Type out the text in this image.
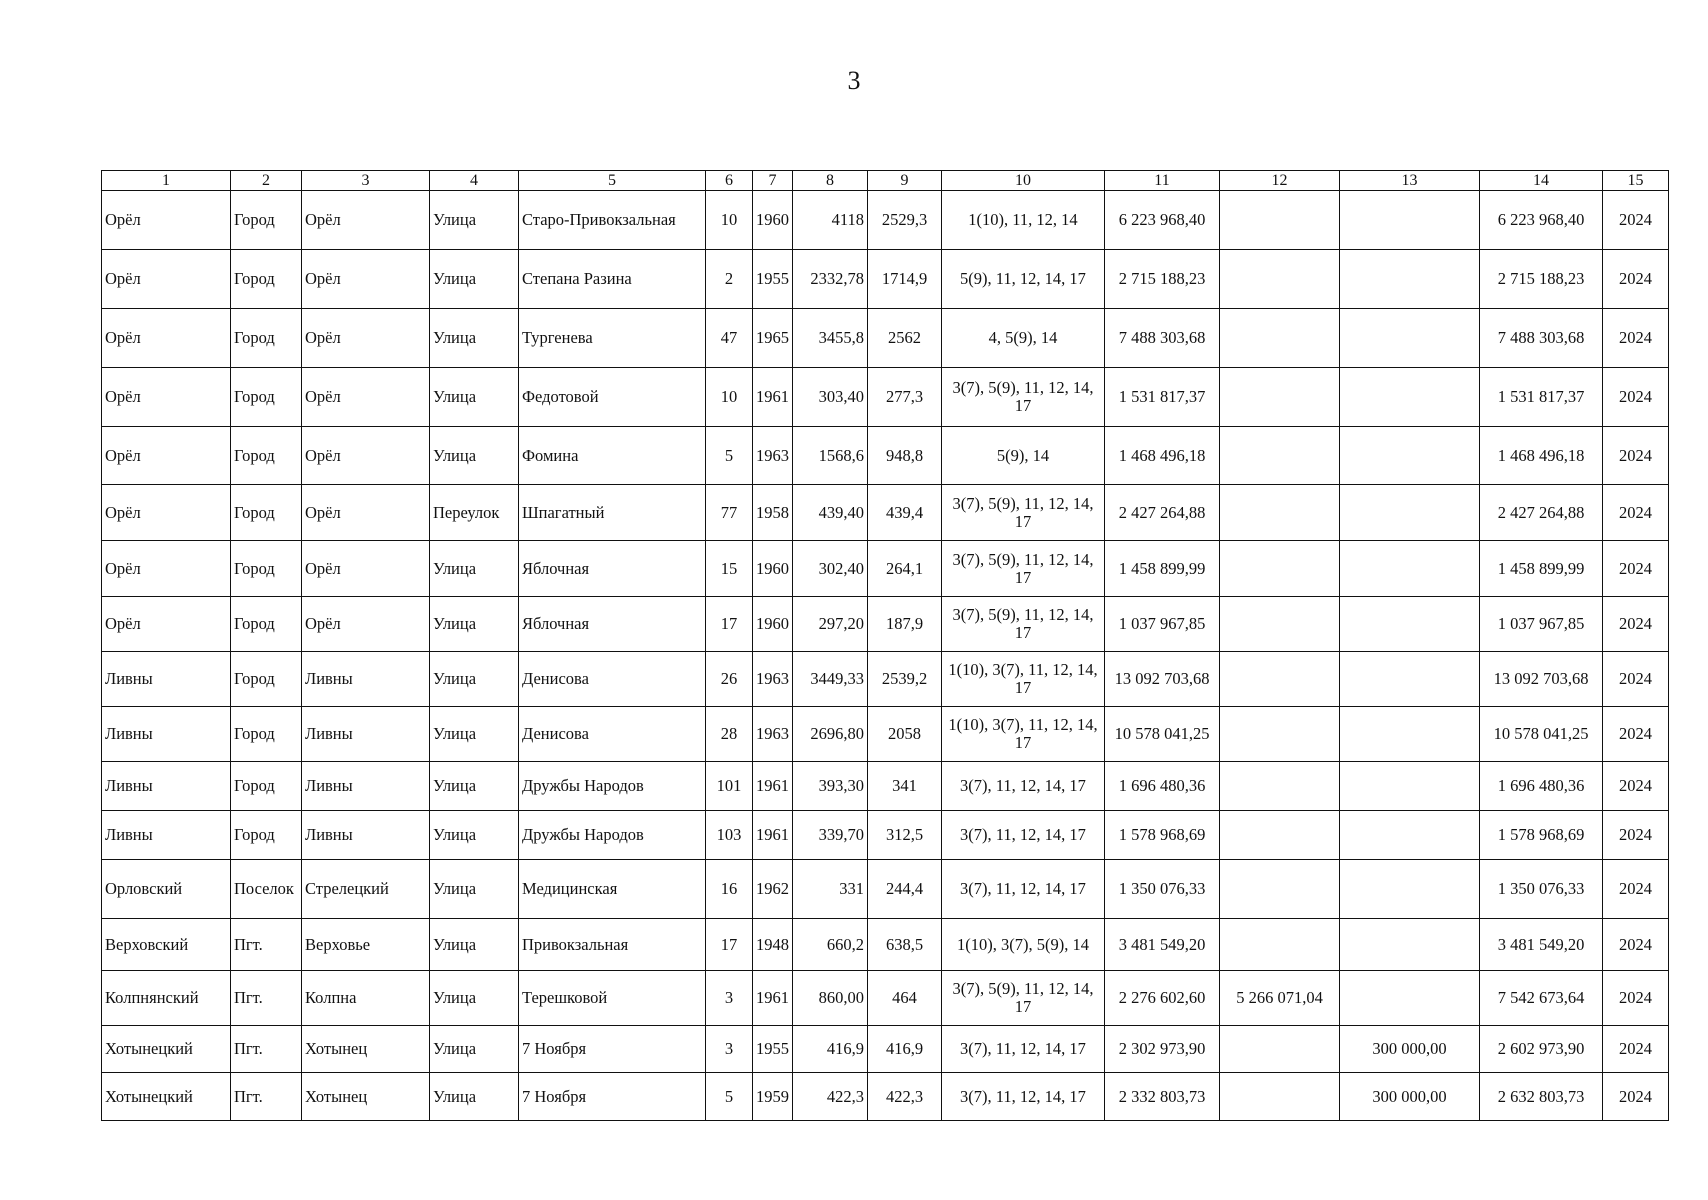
3
1	2	3	4	5	6	7	8	9	10	11	12	13	14	15
Орёл	Город	Орёл	Улица	Старо-Привокзальная	10	1960	4118	2529,3	1(10), 11, 12, 14	6 223 968,40			6 223 968,40	2024
Орёл	Город	Орёл	Улица	Степана Разина	2	1955	2332,78	1714,9	5(9), 11, 12, 14, 17	2 715 188,23			2 715 188,23	2024
Орёл	Город	Орёл	Улица	Тургенева	47	1965	3455,8	2562	4, 5(9), 14	7 488 303,68			7 488 303,68	2024
Орёл	Город	Орёл	Улица	Федотовой	10	1961	303,40	277,3	3(7), 5(9), 11, 12, 14, 17	1 531 817,37			1 531 817,37	2024
Орёл	Город	Орёл	Улица	Фомина	5	1963	1568,6	948,8	5(9), 14	1 468 496,18			1 468 496,18	2024
Орёл	Город	Орёл	Переулок	Шпагатный	77	1958	439,40	439,4	3(7), 5(9), 11, 12, 14, 17	2 427 264,88			2 427 264,88	2024
Орёл	Город	Орёл	Улица	Яблочная	15	1960	302,40	264,1	3(7), 5(9), 11, 12, 14, 17	1 458 899,99			1 458 899,99	2024
Орёл	Город	Орёл	Улица	Яблочная	17	1960	297,20	187,9	3(7), 5(9), 11, 12, 14, 17	1 037 967,85			1 037 967,85	2024
Ливны	Город	Ливны	Улица	Денисова	26	1963	3449,33	2539,2	1(10), 3(7), 11, 12, 14, 17	13 092 703,68			13 092 703,68	2024
Ливны	Город	Ливны	Улица	Денисова	28	1963	2696,80	2058	1(10), 3(7), 11, 12, 14, 17	10 578 041,25			10 578 041,25	2024
Ливны	Город	Ливны	Улица	Дружбы Народов	101	1961	393,30	341	3(7), 11, 12, 14, 17	1 696 480,36			1 696 480,36	2024
Ливны	Город	Ливны	Улица	Дружбы Народов	103	1961	339,70	312,5	3(7), 11, 12, 14, 17	1 578 968,69			1 578 968,69	2024
Орловский	Поселок	Стрелецкий	Улица	Медицинская	16	1962	331	244,4	3(7), 11, 12, 14, 17	1 350 076,33			1 350 076,33	2024
Верховский	Пгт.	Верховье	Улица	Привокзальная	17	1948	660,2	638,5	1(10), 3(7), 5(9), 14	3 481 549,20			3 481 549,20	2024
Колпнянский	Пгт.	Колпна	Улица	Терешковой	3	1961	860,00	464	3(7), 5(9), 11, 12, 14, 17	2 276 602,60	5 266 071,04		7 542 673,64	2024
Хотынецкий	Пгт.	Хотынец	Улица	7 Ноября	3	1955	416,9	416,9	3(7), 11, 12, 14, 17	2 302 973,90		300 000,00	2 602 973,90	2024
Хотынецкий	Пгт.	Хотынец	Улица	7 Ноября	5	1959	422,3	422,3	3(7), 11, 12, 14, 17	2 332 803,73		300 000,00	2 632 803,73	2024
